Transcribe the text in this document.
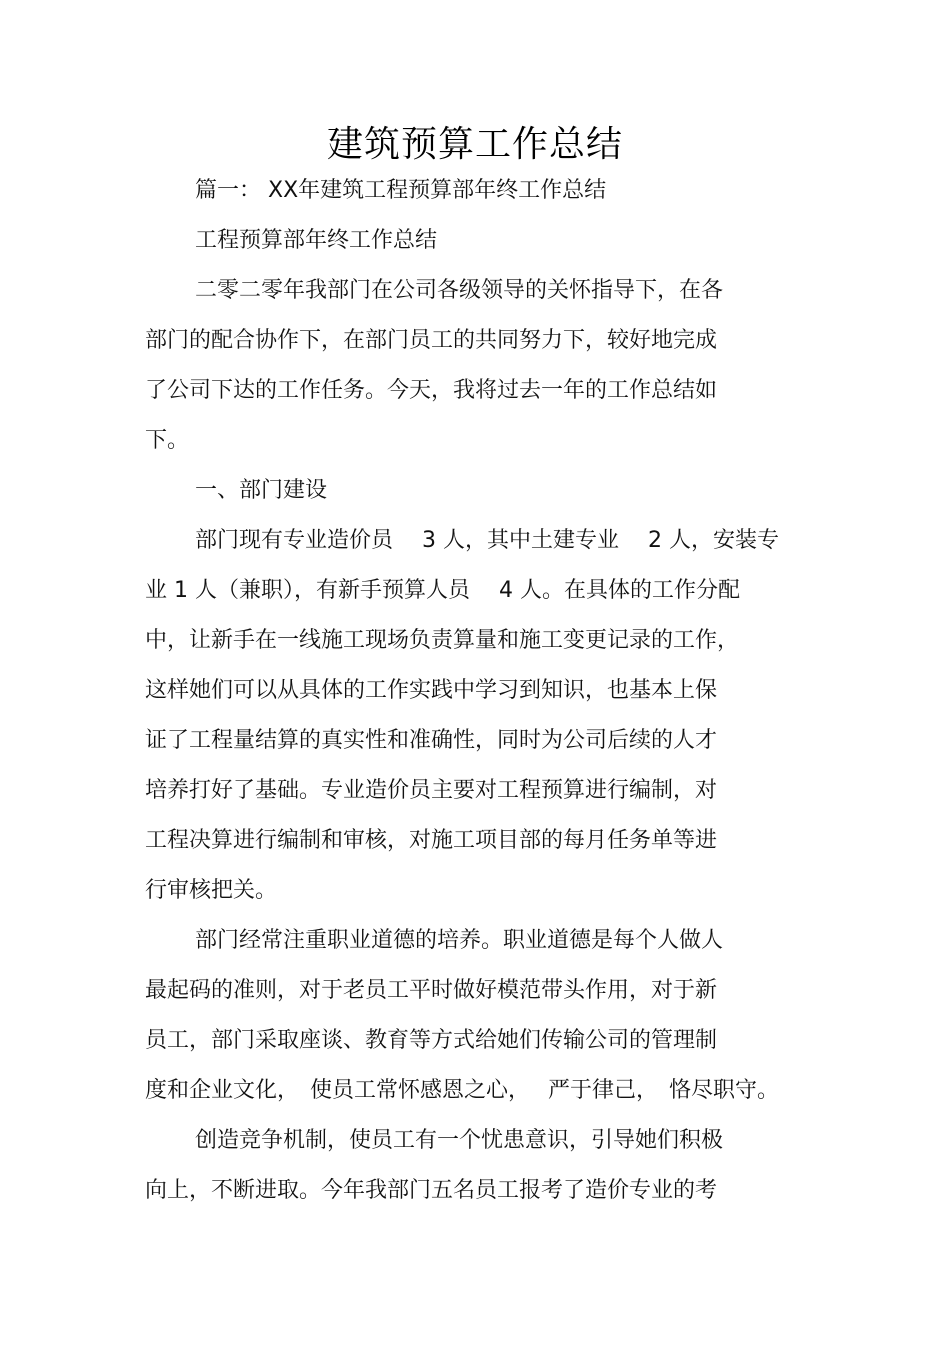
建筑预算工作总结
篇一： XX年建筑工程预算部年终工作总结
工程预算部年终工作总结
二零二零年我部门在公司各级领导的关怀指导下，在各
部门的配合协作下，在部门员工的共同努力下，较好地完成
了公司下达的工作任务。今天，我将过去一年的工作总结如
下。
一、部门建设
部门现有专业造价员　 3 人，其中土建专业　 2 人，安装专
业 1 人（兼职），有新手预算人员　 4 人。在具体的工作分配
中，让新手在一线施工现场负责算量和施工变更记录的工作，
这样她们可以从具体的工作实践中学习到知识，也基本上保
证了工程量结算的真实性和准确性，同时为公司后续的人才
培养打好了基础。专业造价员主要对工程预算进行编制，对
工程决算进行编制和审核，对施工项目部的每月任务单等进
行审核把关。
部门经常注重职业道德的培养。职业道德是每个人做人
最起码的准则，对于老员工平时做好模范带头作用，对于新
员工，部门采取座谈、教育等方式给她们传输公司的管理制
度和企业文化，　使员工常怀感恩之心，　 严于律己，　恪尽职守。
创造竞争机制，使员工有一个忧患意识，引导她们积极
向上，不断进取。今年我部门五名员工报考了造价专业的考
